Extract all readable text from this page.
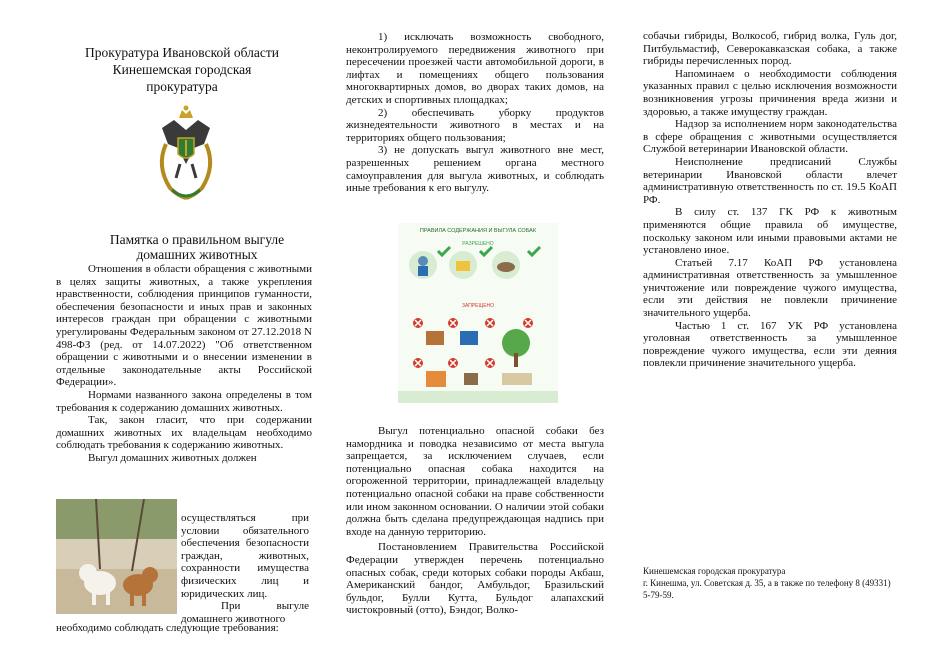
Прокуратура Ивановской области
Кинешемская городская
прокуратура
Памятка о правильном выгуле
домашних животных

Отношения в области обращения с животными в целях защиты животных, а также укрепления нравственности, соблюдения принципов гуманности, обеспечения безопасности и иных прав и законных интересов граждан при обращении с животными урегулированы Федеральным законом от 27.12.2018 N 498-ФЗ (ред. от 14.07.2022) "Об ответственном обращении с животными и о внесении изменении в отдельные законодательные акты Российской Федерации».

Нормами названного закона определены в том требования к содержанию домашних животных.

Так, закон гласит, что при содержании домашних животных их владельцам необходимо соблюдать требования к содержанию животных.

Выгул домашних животных должен

осуществляться при условии обязательного обеспечения безопасности граждан, животных, сохранности имущества физических лиц и юридических лиц.

При выгуле домашнего животного

необходимо соблюдать следующие требования:

1) исключать возможность свободного, неконтролируемого передвижения животного при пересечении проезжей части автомобильной дороги, в лифтах и помещениях общего пользования многоквартирных домов, во дворах таких домов, на детских и спортивных площадках;

2) обеспечивать уборку продуктов жизнедеятельности животного в местах и на территориях общего пользования;

3) не допускать выгул животного вне мест, разрешенных решением органа местного самоуправления для выгула животных, и соблюдать иные требования к его выгулу.

ПРАВИЛА СОДЕРЖАНИЯ И ВЫГУЛА СОБАК
РАЗРЕШЕНО
ЗАПРЕЩЕНО

Выгул потенциально опасной собаки без намордника и поводка независимо от места выгула запрещается, за исключением случаев, если потенциально опасная собака находится на огороженной территории, принадлежащей владельцу потенциально опасной собаки на праве собственности или ином законном основании. О наличии этой собаки должна быть сделана предупреждающая надпись при входе на данную территорию.

Постановлением Правительства Российской Федерации утвержден перечень потенциально опасных собак, среди которых собаки породы Акбаш, Американский бандог, Амбульдог, Бразильский бульдог, Булли Кутта, Бульдог алапахский чистокровный (отто), Бэндог, Волко-

собачьи гибриды, Волкособ, гибрид волка, Гуль дог, Питбульмастиф, Северокавказская собака, а также гибриды перечисленных пород.

Напоминаем о необходимости соблюдения указанных правил с целью исключения возможности возникновения угрозы причинения вреда жизни и здоровью, а также имуществу граждан.

Надзор за исполнением норм законодательства в сфере обращения с животными осуществляется Службой ветеринарии Ивановской области.

Неисполнение предписаний Службы ветеринарии Ивановской области влечет административную ответственность по ст. 19.5 КоАП РФ.

В силу ст. 137 ГК РФ к животным применяются общие правила об имуществе, поскольку законом или иными правовыми актами не установлено иное.

Статьей 7.17 КоАП РФ установлена административная ответственность за умышленное уничтожение или повреждение чужого имущества, если эти действия не повлекли причинение значительного ущерба.

Частью 1 ст. 167 УК РФ установлена уголовная ответственность за умышленное повреждение чужого имущества, если эти деяния повлекли причинение значительного ущерба.

Кинешемская городская прокуратура
г. Кинешма, ул. Советская д. 35, а в также по телефону 8 (49331) 5-79-59.
